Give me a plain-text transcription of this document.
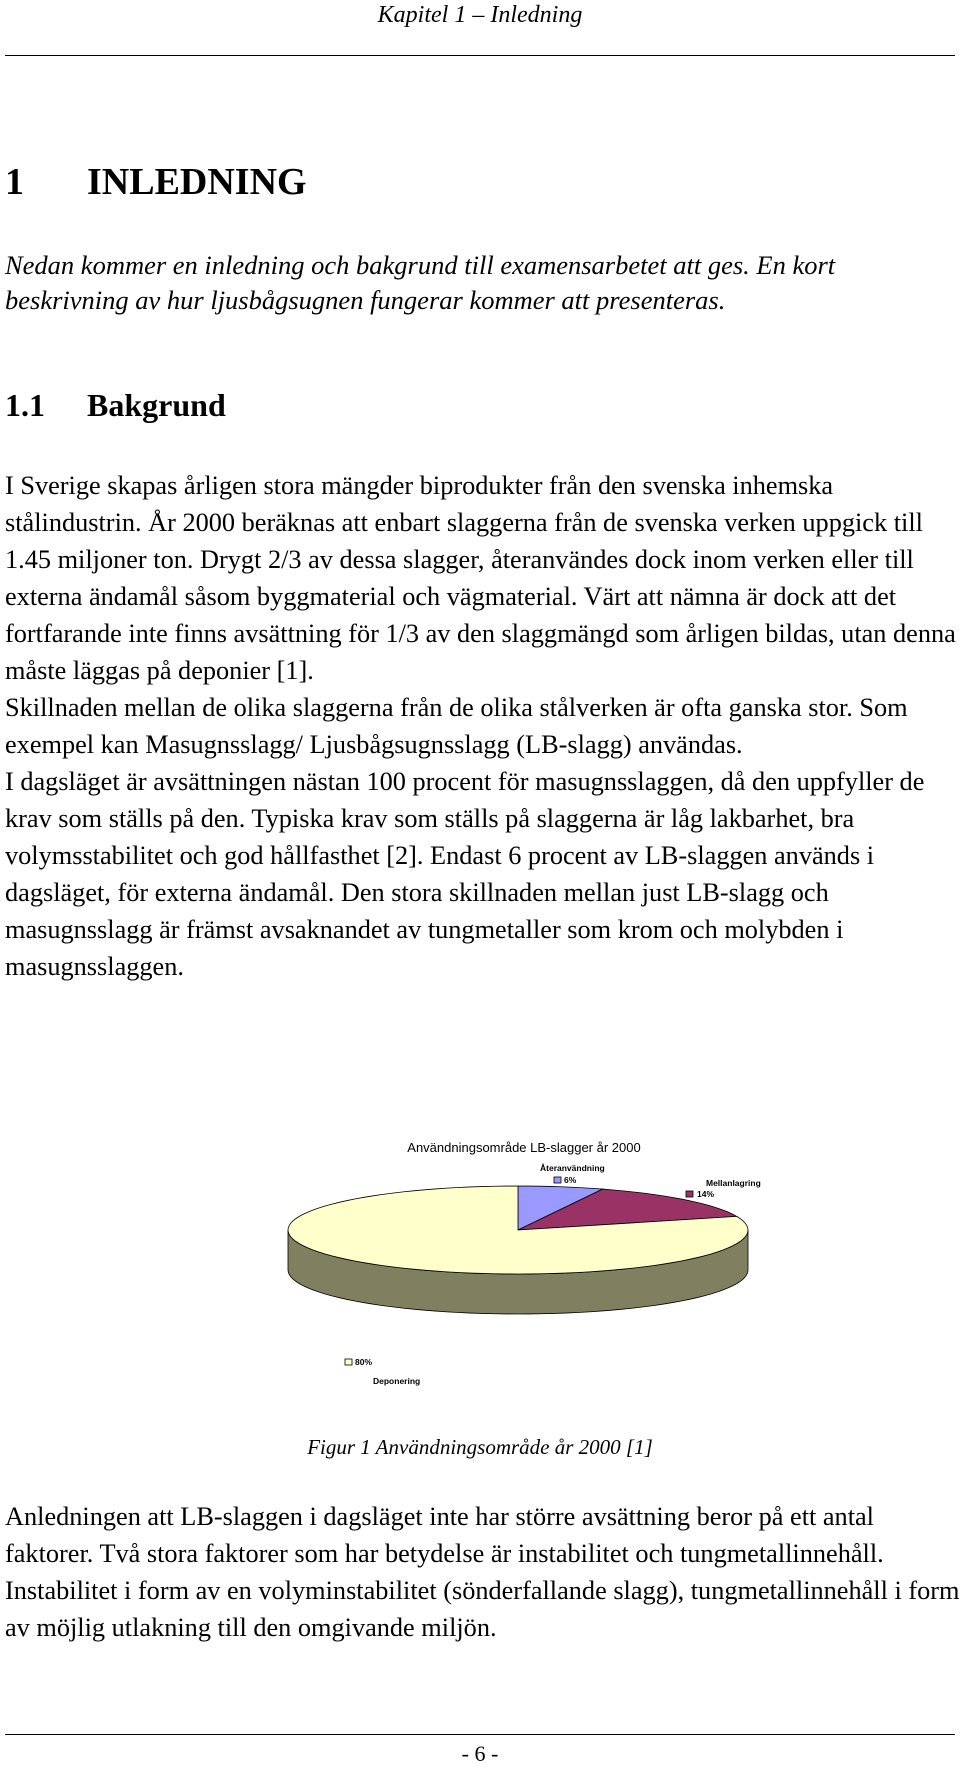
Kapitel 1 – Inledning
1 INLEDNING
Nedan kommer en inledning och bakgrund till examensarbetet att ges. En kort beskrivning av hur ljusbågsugnen fungerar kommer att presenteras.
1.1 Bakgrund

I Sverige skapas årligen stora mängder biprodukter från den svenska inhemska stålindustrin. År 2000 beräknas att enbart slaggerna från de svenska verken uppgick till 1.45 miljoner ton. Drygt 2/3 av dessa slagger, återanvändes dock inom verken eller till externa ändamål såsom byggmaterial och vägmaterial. Värt att nämna är dock att det fortfarande inte finns avsättning för 1/3 av den slaggmängd som årligen bildas, utan denna måste läggas på deponier [1].

Skillnaden mellan de olika slaggerna från de olika stålverken är ofta ganska stor. Som exempel kan Masugnsslagg/ Ljusbågsugnsslagg (LB-slagg) användas.

I dagsläget är avsättningen nästan 100 procent för masugnsslaggen, då den uppfyller de krav som ställs på den. Typiska krav som ställs på slaggerna är låg lakbarhet, bra volymsstabilitet och god hållfasthet [2]. Endast 6 procent av LB-slaggen används i dagsläget, för externa ändamål. Den stora skillnaden mellan just LB-slagg och masugnsslagg är främst avsaknandet av tungmetaller som krom och molybden i masugnsslaggen.

Användningsområde LB-slagger år 2000
Återanvändning
6%	Mellanlagring
14%
80%
Deponering
Figur 1 Användningsområde år 2000 [1]
Anledningen att LB-slaggen i dagsläget inte har större avsättning beror på ett antal faktorer. Två stora faktorer som har betydelse är instabilitet och tungmetallinnehåll. Instabilitet i form av en volyminstabilitet (sönderfallande slagg), tungmetallinnehåll i form av möjlig utlakning till den omgivande miljön.
- 6 -
